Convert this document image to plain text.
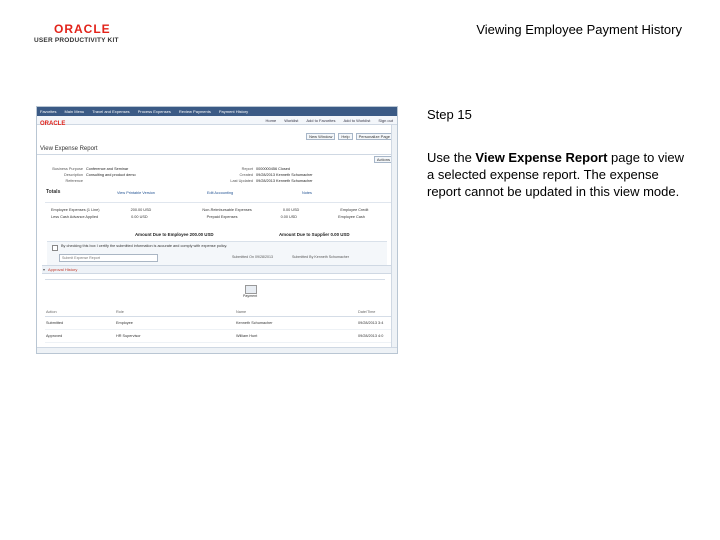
ORACLE
USER PRODUCTIVITY KIT
Viewing Employee Payment History
Favorites Main Menu Travel and Expenses Process Expenses Review Payments Payment History
Home Worklist Add to Favorites Add to Worklist Sign out
ORACLE
New Window	Help	Personalize Page
View Expense Report
Actions
Business Purpose Conference and Seminar
Description Consulting and product demo
Reference
Report 0000000456 Closed
Created 09/28/2013 Kenneth Schumacher
Last Updated 09/28/2013 Kenneth Schumacher
Totals	View Printable Version	Edit Accounting	Notes
Employee Expenses (1 Line)	200.00 USD	Non-Reimbursable Expenses	0.00 USD	Employee Credit
Less Cash Advance Applied	0.00 USD	Prepaid Expenses	0.00 USD	Employee Cash
Amount Due to Employee 200.00 USD	Amount Due to Supplier 0.00 USD
By checking this box I certify the submitted information is accurate and comply with expense policy.
Submit Expense Report	Submitted On 09/28/2013	Submitted By Kenneth Schumacher
▾ Approval History
Payment
Action	Role	Name	Date/Time
Submitted	Employee	Kenneth Schumacher	09/28/2013 3:4
Approved	HR Supervisor	William Hunt	09/28/2013 4:0
Step 15
Use the View Expense Report page to view a selected expense report. The expense report cannot be updated in this view mode.
